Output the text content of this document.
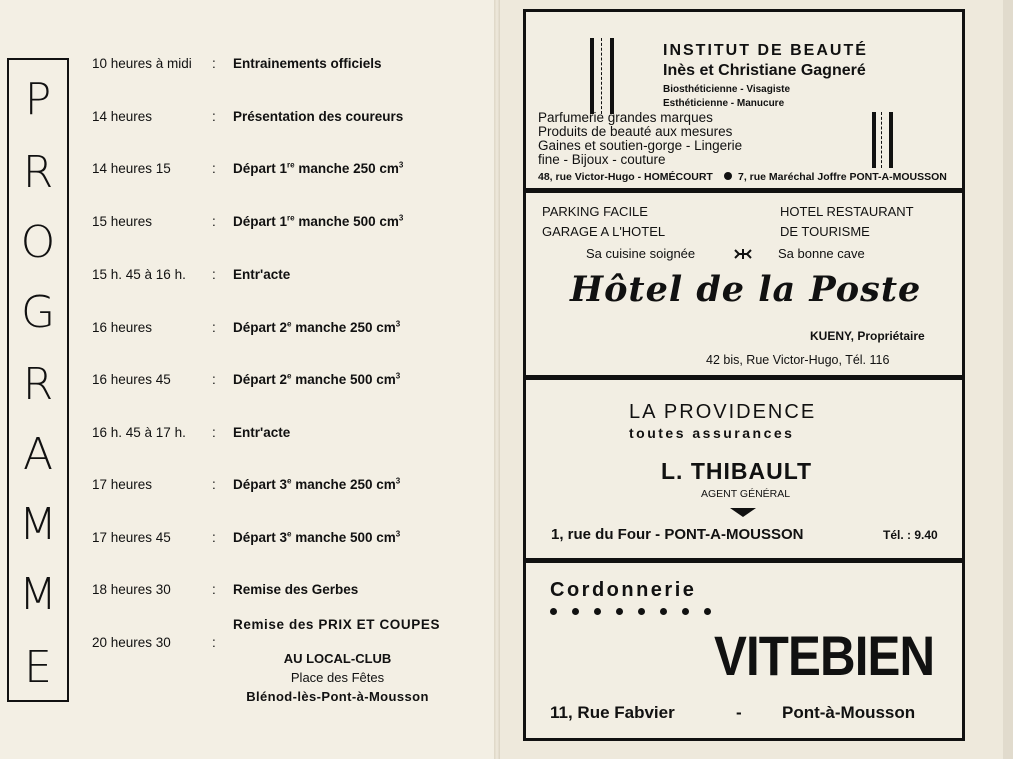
P
R
O
G
R
A
M
M
E
10 heures à midi : Entrainements officiels
14 heures	: Présentation des coureurs
14 heures 15	: Départ 1re manche 250 $cm^3$
15 heures	: Départ 1re manche 500 $cm^3$
15 h. 45 à 16 h. : Entr'acte
16 heures	: Départ 2e manche 250 $cm^3$
16 heures 45	: Départ 2e manche 500 $cm^3$
16 h. 45 à 17 h. : Entr'acte
17 heures	: Départ 3e manche 250 $cm^3$
17 heures 45	: Départ 3e manche 500 $cm^3$
18 heures 30	: Remise des Gerbes
20 heures 30	:
Remise des PRIX ET COUPES
AU LOCAL-CLUB
Place des Fêtes
Blénod-lès-Pont-à-Mousson
INSTITUT DE BEAUTÉ
Inès et Christiane Gagneré
Biosthéticienne - Visagiste
Esthéticienne - Manucure
Parfumerie grandes marques
Produits de beauté aux mesures
Gaines et soutien-gorge - Lingerie
fine - Bijoux - couture
48, rue Victor-Hugo - HOMÉCOURT 7, rue Maréchal Joffre PONT-A-MOUSSON
PARKING FACILE
GARAGE A L'HOTEL
HOTEL RESTAURANT
DE TOURISME
Sa cuisine soignée	Sa bonne cave
Hôtel de la Poste
KUENY, Propriétaire
42 bis, Rue Victor-Hugo, Tél. 116
LA PROVIDENCE
toutes assurances
L. THIBAULT
AGENT GÉNÉRAL
1, rue du Four - PONT-A-MOUSSON	Tél. : 9.40
Cordonnerie
VITEBIEN
11, Rue Fabvier	- Pont-à-Mousson
